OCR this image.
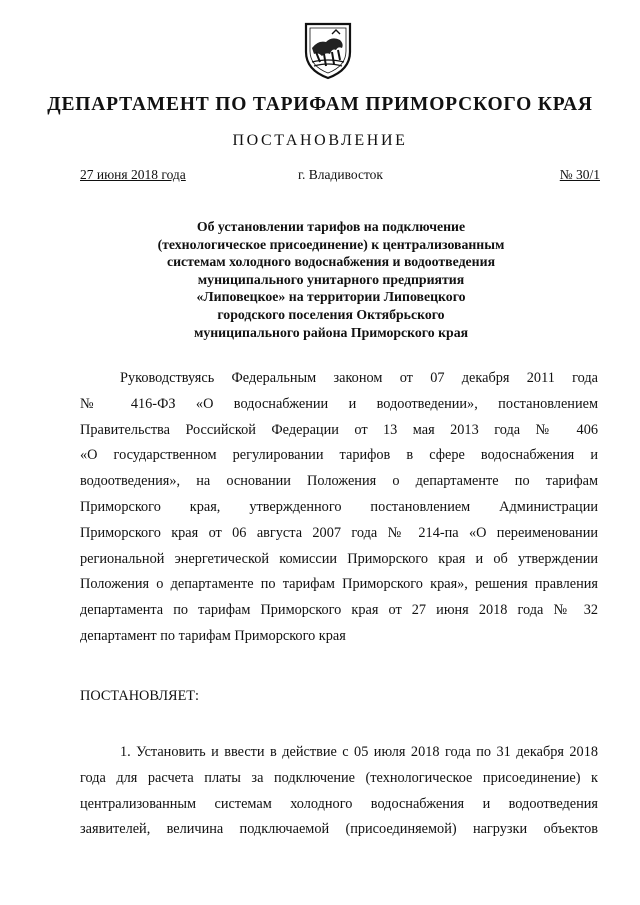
ДЕПАРТАМЕНТ ПО ТАРИФАМ ПРИМОРСКОГО КРАЯ
ПОСТАНОВЛЕНИЕ
27 июня 2018 года	г. Владивосток	№ 30/1
Об установлении тарифов на подключение
(технологическое присоединение) к централизованным
системам холодного водоснабжения и водоотведения
муниципального унитарного предприятия
«Липовецкое» на территории Липовецкого
городского поселения Октябрьского
муниципального района Приморского края
Руководствуясь Федеральным законом от 07 декабря 2011 года
№ 416-ФЗ «О водоснабжении и водоотведении», постановлением
Правительства Российской Федерации от 13 мая 2013 года № 406
«О государственном регулировании тарифов в сфере водоснабжения и
водоотведения», на основании Положения о департаменте по тарифам
Приморского края, утвержденного постановлением Администрации
Приморского края от 06 августа 2007 года № 214-па «О переименовании
региональной энергетической комиссии Приморского края и об утверждении
Положения о департаменте по тарифам Приморского края», решения правления
департамента по тарифам Приморского края от 27 июня 2018 года № 32
департамент по тарифам Приморского края
ПОСТАНОВЛЯЕТ:
1. Установить и ввести в действие с 05 июля 2018 года по 31 декабря 2018
года для расчета платы за подключение (технологическое присоединение) к
централизованным системам холодного водоснабжения и водоотведения
заявителей, величина подключаемой (присоединяемой) нагрузки объектов
